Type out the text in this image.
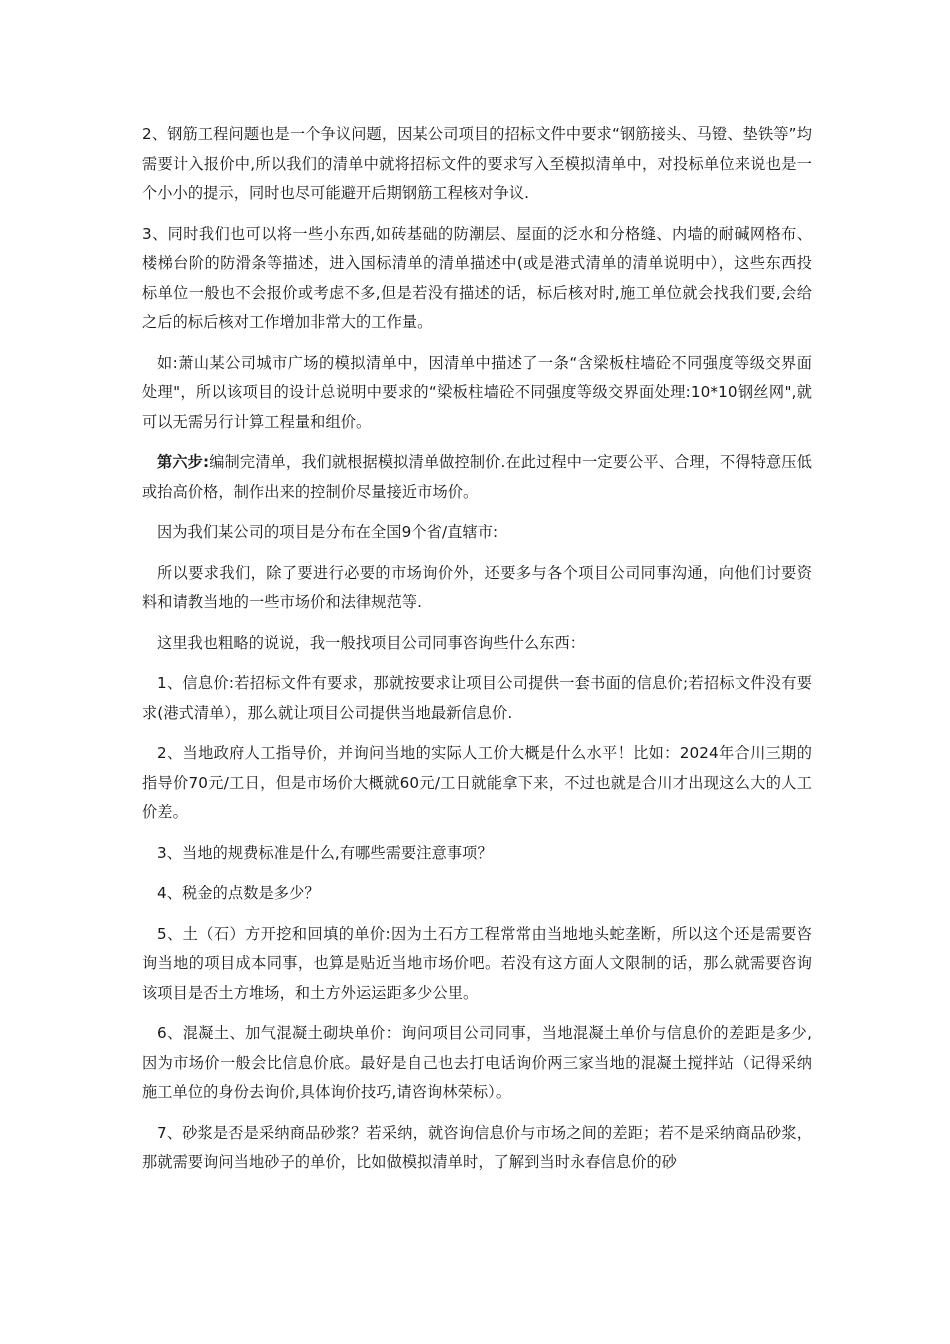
2、钢筋工程问题也是一个争议问题，因某公司项目的招标文件中要求“钢筋接头、马镫、垫铁等”均需要计入报价中,所以我们的清单中就将招标文件的要求写入至模拟清单中，对投标单位来说也是一个小小的提示，同时也尽可能避开后期钢筋工程核对争议.

3、同时我们也可以将一些小东西,如砖基础的防潮层、屋面的泛水和分格缝、内墙的耐碱网格布、楼梯台阶的防滑条等描述，进入国标清单的清单描述中(或是港式清单的清单说明中），这些东西投标单位一般也不会报价或考虑不多,但是若没有描述的话，标后核对时,施工单位就会找我们要,会给之后的标后核对工作增加非常大的工作量。

如:萧山某公司城市广场的模拟清单中，因清单中描述了一条“含梁板柱墙砼不同强度等级交界面处理"，所以该项目的设计总说明中要求的“梁板柱墙砼不同强度等级交界面处理:10*10钢丝网",就可以无需另行计算工程量和组价。

第六步:编制完清单，我们就根据模拟清单做控制价.在此过程中一定要公平、合理，不得特意压低或抬高价格，制作出来的控制价尽量接近市场价。

因为我们某公司的项目是分布在全国9个省/直辖市:

所以要求我们，除了要进行必要的市场询价外，还要多与各个项目公司同事沟通，向他们讨要资料和请教当地的一些市场价和法律规范等.

这里我也粗略的说说，我一般找项目公司同事咨询些什么东西：

1、信息价:若招标文件有要求，那就按要求让项目公司提供一套书面的信息价;若招标文件没有要求(港式清单），那么就让项目公司提供当地最新信息价.

2、当地政府人工指导价，并询问当地的实际人工价大概是什么水平！比如：2024年合川三期的指导价70元/工日，但是市场价大概就60元/工日就能拿下来，不过也就是合川才出现这么大的人工价差。

3、当地的规费标准是什么,有哪些需要注意事项？

4、税金的点数是多少？

5、土（石）方开挖和回填的单价:因为土石方工程常常由当地地头蛇垄断，所以这个还是需要咨询当地的项目成本同事，也算是贴近当地市场价吧。若没有这方面人文限制的话，那么就需要咨询该项目是否土方堆场，和土方外运运距多少公里。

6、混凝土、加气混凝土砌块单价：询问项目公司同事，当地混凝土单价与信息价的差距是多少,因为市场价一般会比信息价底。最好是自己也去打电话询价两三家当地的混凝土搅拌站（记得采纳施工单位的身份去询价,具体询价技巧,请咨询林荣标）。

7、砂浆是否是采纳商品砂浆？若采纳，就咨询信息价与市场之间的差距；若不是采纳商品砂浆，那就需要询问当地砂子的单价，比如做模拟清单时，了解到当时永春信息价的砂
